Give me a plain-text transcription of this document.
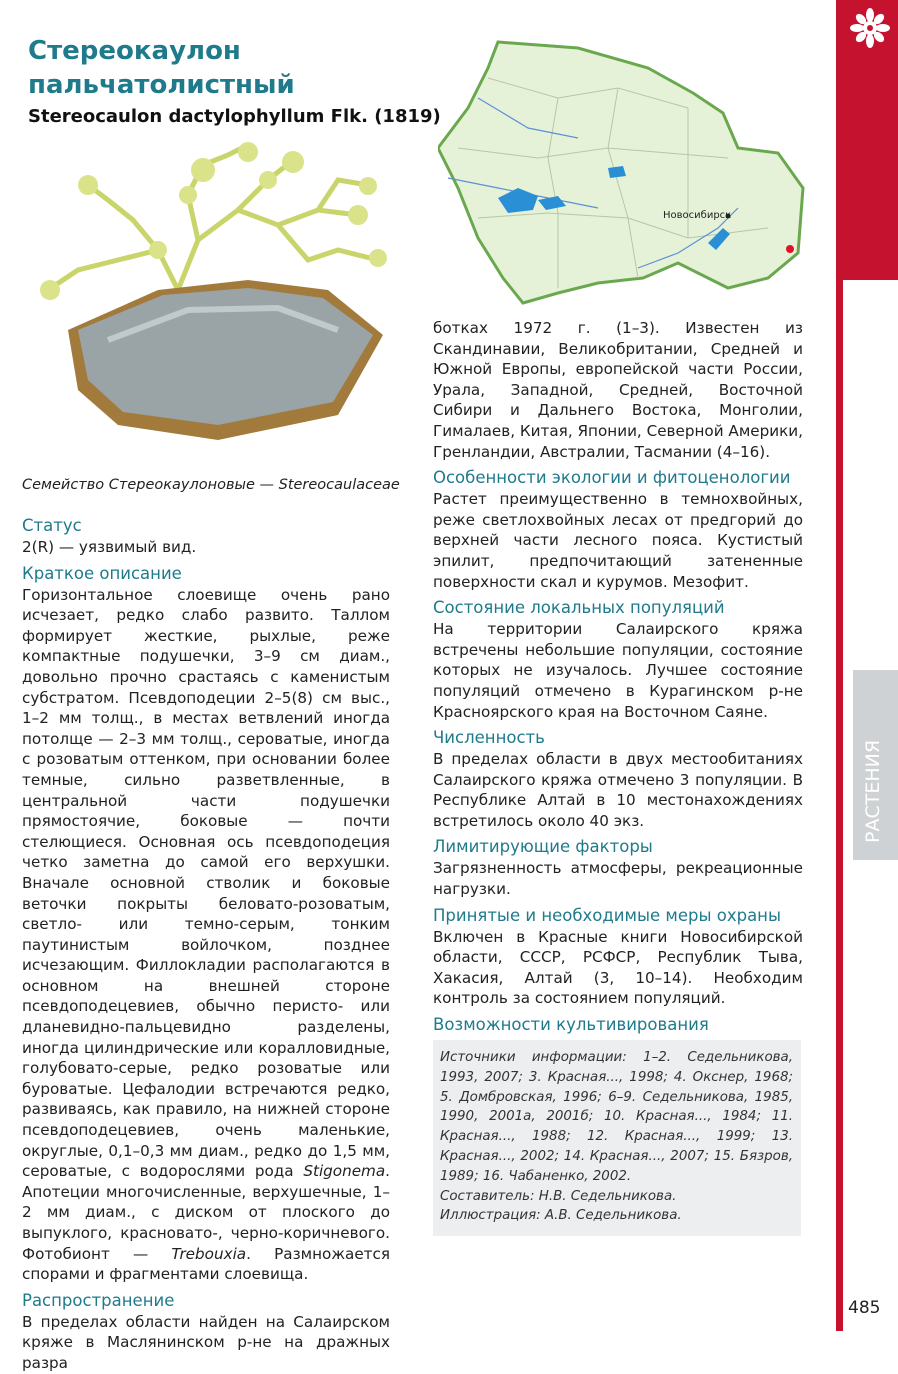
Стереокаулон
пальчатолистный
Stereocaulon dactylophyllum Flk. (1819)
Новосибирск
Семейство Стереокаулоновые — Stereocaulaceae
Статус

2(R) — уязвимый вид.

Краткое описание

Горизонтальное слоевище очень рано исчезает, редко слабо развито. Таллом формирует жесткие, рыхлые, реже компактные подушечки, 3–9 см диам., довольно прочно срастаясь с каменистым субстратом. Псевдоподеции 2–5(8) см выс., 1–2 мм толщ., в местах ветвлений иногда потолще — 2–3 мм толщ., сероватые, иногда с розоватым оттенком, при основании более темные, сильно разветвленные, в центральной части подушечки прямостоячие, боковые — почти стелющиеся. Основная ось псевдоподеция четко заметна до самой его верхушки. Вначале основной стволик и боковые веточки покрыты беловато-розоватым, светло- или темно-серым, тонким паутинистым войлочком, позднее исчезающим. Филлокладии располагаются в основном на внешней стороне псевдоподецевиев, обычно перисто- или дланевидно-пальцевидно разделены, иногда цилиндрические или коралловидные, голубовато-серые, редко розоватые или буроватые. Цефалодии встречаются редко, развиваясь, как правило, на нижней стороне псевдоподецевиев, очень маленькие, округлые, 0,1–0,3 мм диам., редко до 1,5 мм, сероватые, с водорослями рода Stigonema. Апотеции многочисленные, верхушечные, 1–2 мм диам., с диском от плоского до выпуклого, красновато-, черно-коричневого. Фотобионт — Trebouxia. Размножается спорами и фрагментами слоевища.

Распространение

В пределах области найден на Салаирском кряже в Маслянинском р-не на дражных разра

ботках 1972 г. (1–3). Известен из Скандинавии, Великобритании, Средней и Южной Европы, европейской части России, Урала, Западной, Средней, Восточной Сибири и Дальнего Востока, Монголии, Гималаев, Китая, Японии, Северной Америки, Гренландии, Австралии, Тасмании (4–16).

Особенности экологии и фитоценологии

Растет преимущественно в темнохвойных, реже светлохвойных лесах от предгорий до верхней части лесного пояса. Кустистый эпилит, предпочитающий затененные поверхности скал и курумов. Мезофит.

Состояние локальных популяций

На территории Салаирского кряжа встречены небольшие популяции, состояние которых не изучалось. Лучшее состояние популяций отмечено в Курагинском р-не Красноярского края на Восточном Саяне.

Численность

В пределах области в двух местообитаниях Салаирского кряжа отмечено 3 популяции. В Республике Алтай в 10 местонахождениях встретилось около 40 экз.

Лимитирующие факторы

Загрязненность атмосферы, рекреационные нагрузки.

Принятые и необходимые меры охраны

Включен в Красные книги Новосибирской области, СССР, РСФСР, Республик Тыва, Хакасия, Алтай (3, 10–14). Необходим контроль за состоянием популяций.

Возможности культивирования

Источники информации: 1–2. Седельникова, 1993, 2007; 3. Красная..., 1998; 4. Окснер, 1968; 5. Домбровская, 1996; 6–9. Седельникова, 1985, 1990, 2001а, 2001б; 10. Красная..., 1984; 11. Красная..., 1988; 12. Красная..., 1999; 13. Красная..., 2002; 14. Красная..., 2007; 15. Бязров, 1989; 16. Чабаненко, 2002.

Составитель: Н.В. Седельникова.

Иллюстрация: А.В. Седельникова.

ЛИШАЙНИКИ
РАСТЕНИЯ
485
